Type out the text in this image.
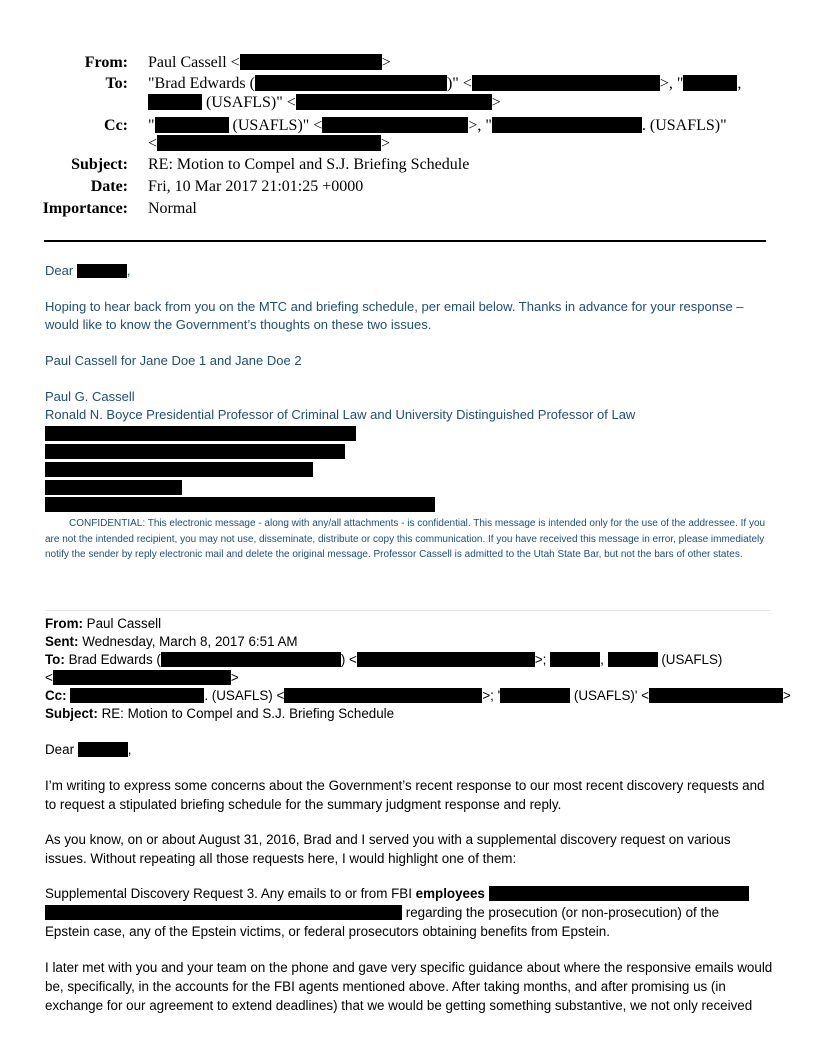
From: Paul Cassell <	>
To: "Brad Edwards (	)" <	>, "	,
(USAFLS)" <	>
Cc: "	(USAFLS)" <	>, "	. (USAFLS)"
<	>
Subject: RE: Motion to Compel and S.J. Briefing Schedule
Date: Fri, 10 Mar 2017 21:01:25 +0000
Importance: Normal
Dear	,
Hoping to hear back from you on the MTC and briefing schedule, per email below. Thanks in advance for your response –
would like to know the Government’s thoughts on these two issues.
Paul Cassell for Jane Doe 1 and Jane Doe 2
Paul G. Cassell
Ronald N. Boyce Presidential Professor of Criminal Law and University Distinguished Professor of Law
CONFIDENTIAL: This electronic message - along with any/all attachments - is confidential. This message is intended only for the use of the addressee. If you are not the intended recipient, you may not use, disseminate, distribute or copy this communication. If you have received this message in error, please immediately notify the sender by reply electronic mail and delete the original message. Professor Cassell is admitted to the Utah State Bar, but not the bars of other states.
From: Paul Cassell
Sent: Wednesday, March 8, 2017 6:51 AM
To: Brad Edwards (	) <	>;	,	(USAFLS)
<	>
Cc:	. (USAFLS) <	>; '	(USAFLS)' <	>
Subject: RE: Motion to Compel and S.J. Briefing Schedule
Dear	,
I’m writing to express some concerns about the Government’s recent response to our most recent discovery requests and to request a stipulated briefing schedule for the summary judgment response and reply.
As you know, on or about August 31, 2016, Brad and I served you with a supplemental discovery request on various issues. Without repeating all those requests here, I would highlight one of them:
Supplemental Discovery Request 3. Any emails to or from FBI employees
regarding the prosecution (or non-prosecution) of the
Epstein case, any of the Epstein victims, or federal prosecutors obtaining benefits from Epstein.
I later met with you and your team on the phone and gave very specific guidance about where the responsive emails would be, specifically, in the accounts for the FBI agents mentioned above. After taking months, and after promising us (in exchange for our agreement to extend deadlines) that we would be getting something substantive, we not only received
